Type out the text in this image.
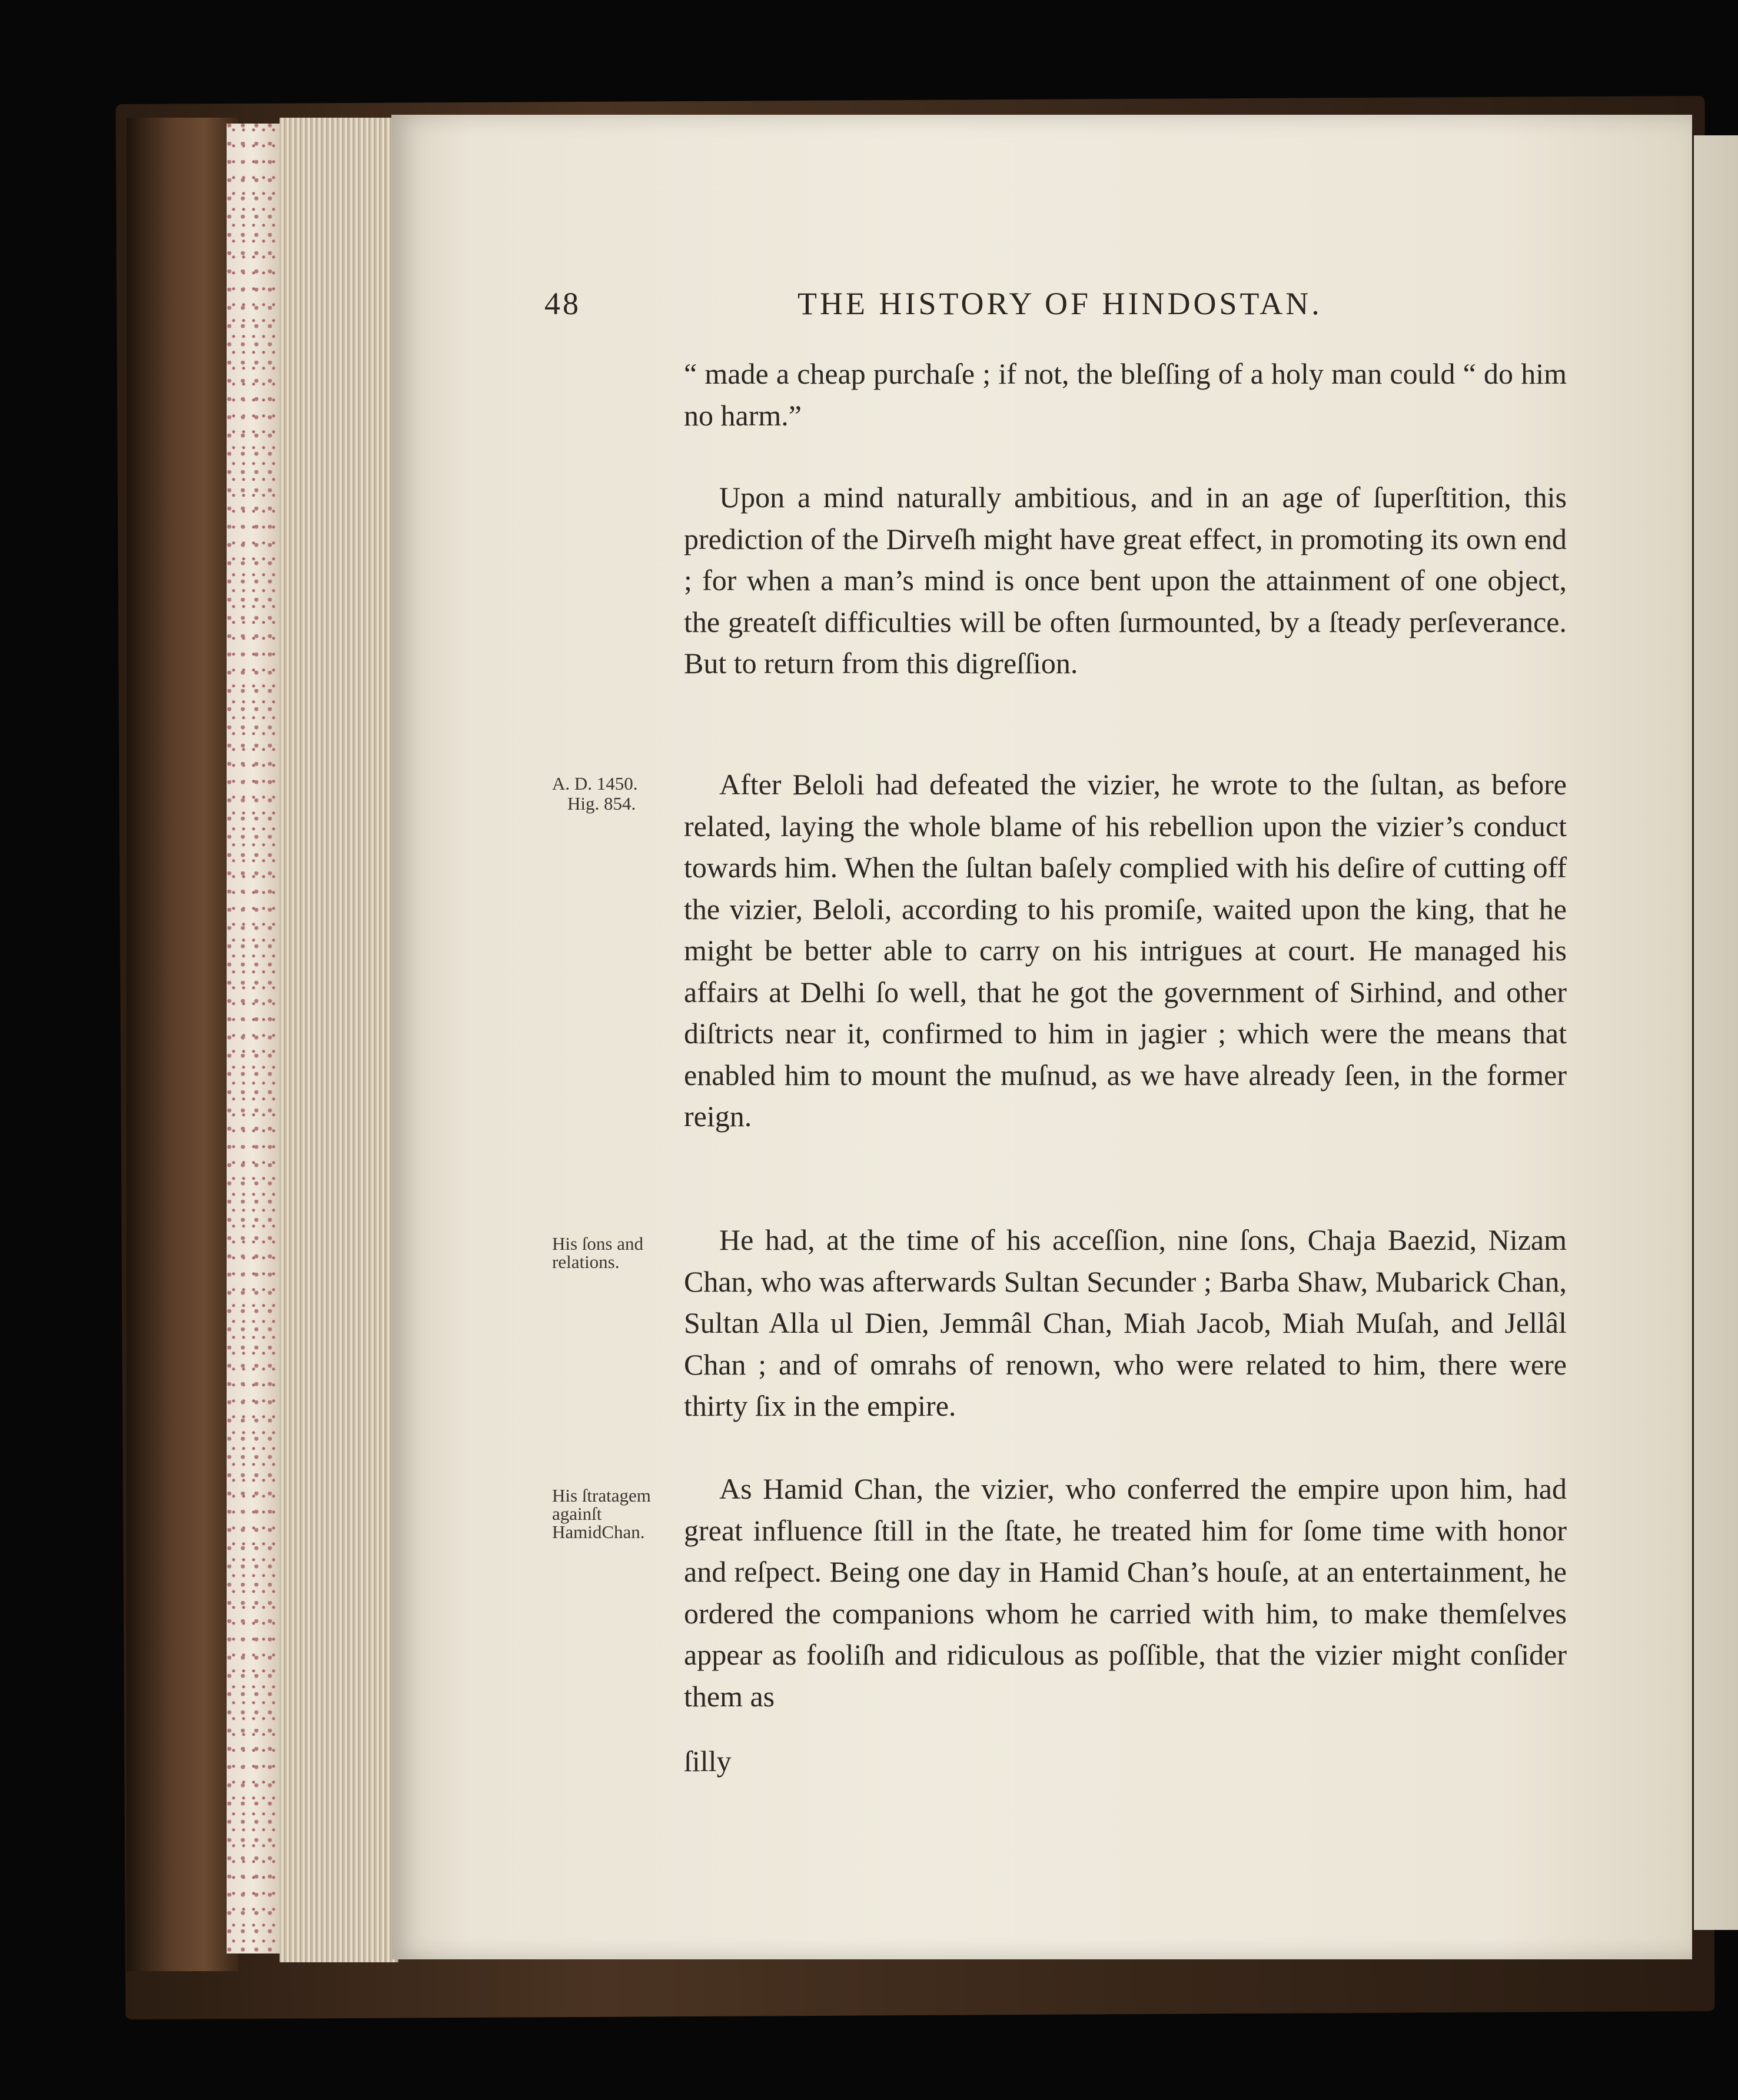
48	THE HISTORY OF HINDOSTAN.
“ made a cheap purchaſe ; if not, the bleſſing of a holy man could “ do him no harm.”
Upon a mind naturally ambitious, and in an age of ſuperſtition, this prediction of the Dirveſh might have great effect, in promoting its own end ; for when a man’s mind is once bent upon the attainment of one object, the greateſt difficulties will be often ſurmounted, by a ſteady perſeverance. But to return from this digreſſion.
After Beloli had defeated the vizier, he wrote to the ſultan, as before related, laying the whole blame of his rebellion upon the vizier’s conduct towards him. When the ſultan baſely complied with his deſire of cutting off the vizier, Beloli, according to his promiſe, waited upon the king, that he might be better able to carry on his intrigues at court. He managed his affairs at Delhi ſo well, that he got the government of Sirhind, and other diſtricts near it, confirmed to him in jagier ; which were the means that enabled him to mount the muſnud, as we have already ſeen, in the former reign.
He had, at the time of his acceſſion, nine ſons, Chaja Baezid, Nizam Chan, who was afterwards Sultan Secunder ; Barba Shaw, Mubarick Chan, Sultan Alla ul Dien, Jemmâl Chan, Miah Jacob, Miah Muſah, and Jellâl Chan ; and of omrahs of renown, who were related to him, there were thirty ſix in the empire.
As Hamid Chan, the vizier, who conferred the empire upon him, had great influence ſtill in the ſtate, he treated him for ſome time with honor and reſpect. Being one day in Hamid Chan’s houſe, at an entertainment, he ordered the companions whom he carried with him, to make themſelves appear as fooliſh and ridiculous as poſſible, that the vizier might conſider them as
ſilly
A. D. 1450.
Hig. 854.
His ſons and relations.
His ſtratagem againſt HamidChan.
